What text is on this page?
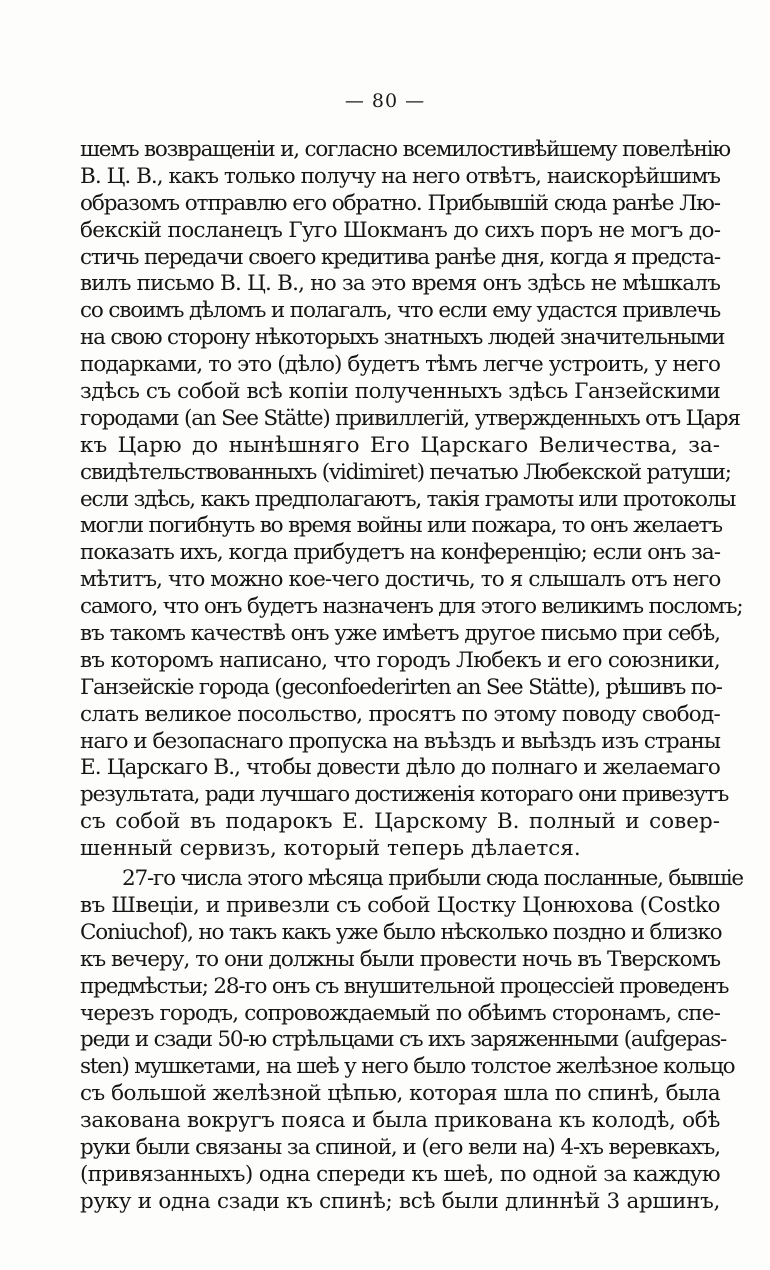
— 80 —
шемъ возвращеніи и, согласно всемилостивѣйшему повелѣнію
В. Ц. В., какъ только получу на него отвѣтъ, наискорѣйшимъ
образомъ отправлю его обратно. Прибывшій сюда ранѣе Лю-
бекскій посланецъ Гуго Шокманъ до сихъ поръ не могъ до-
стичь передачи своего кредитива ранѣе дня, когда я предста-
вилъ письмо В. Ц. В., но за это время онъ здѣсь не мѣшкалъ
со своимъ дѣломъ и полагалъ, что если ему удастся привлечь
на свою сторону нѣкоторыхъ знатныхъ людей значительными
подарками, то это (дѣло) будетъ тѣмъ легче устроить, у него
здѣсь съ собой всѣ копіи полученныхъ здѣсь Ганзейскими
городами (an See Stätte) привиллегій, утвержденныхъ отъ Царя
къ Царю до нынѣшняго Его Царскаго Величества, за-
свидѣтельствованныхъ (vidimiret) печатью Любекской ратуши;
если здѣсь, какъ предполагаютъ, такія грамоты или протоколы
могли погибнуть во время войны или пожара, то онъ желаетъ
показать ихъ, когда прибудетъ на конференцію; если онъ за-
мѣтитъ, что можно кое-чего достичь, то я слышалъ отъ него
самого, что онъ будетъ назначенъ для этого великимъ посломъ;
въ такомъ качествѣ онъ уже имѣетъ другое письмо при себѣ,
въ которомъ написано, что городъ Любекъ и его союзники,
Ганзейскіе города (geconfoederirten an See Stätte), рѣшивъ по-
слать великое посольство, просятъ по этому поводу свобод-
наго и безопаснаго пропуска на въѣздъ и выѣздъ изъ страны
Е. Царскаго В., чтобы довести дѣло до полнаго и желаемаго
результата, ради лучшаго достиженія котораго они привезутъ
съ собой въ подарокъ Е. Царскому В. полный и совер-
шенный сервизъ, который теперь дѣлается.
27-го числа этого мѣсяца прибыли сюда посланные, бывшіе
въ Швеціи, и привезли съ собой Цостку Цонюхова (Costko
Coniuchof), но такъ какъ уже было нѣсколько поздно и близко
къ вечеру, то они должны были провести ночь въ Тверскомъ
предмѣстьи; 28-го онъ съ внушительной процессіей проведенъ
черезъ городъ, сопровождаемый по обѣимъ сторонамъ, спе-
реди и сзади 50-ю стрѣльцами съ ихъ заряженными (aufgepas-
sten) мушкетами, на шеѣ у него было толстое желѣзное кольцо
съ большой желѣзной цѣпью, которая шла по спинѣ, была
закована вокругъ пояса и была прикована къ колодѣ, обѣ
руки были связаны за спиной, и (его вели на) 4-хъ веревкахъ,
(привязанныхъ) одна спереди къ шеѣ, по одной за каждую
руку и одна сзади къ спинѣ; всѣ были длиннѣй 3 аршинъ,
